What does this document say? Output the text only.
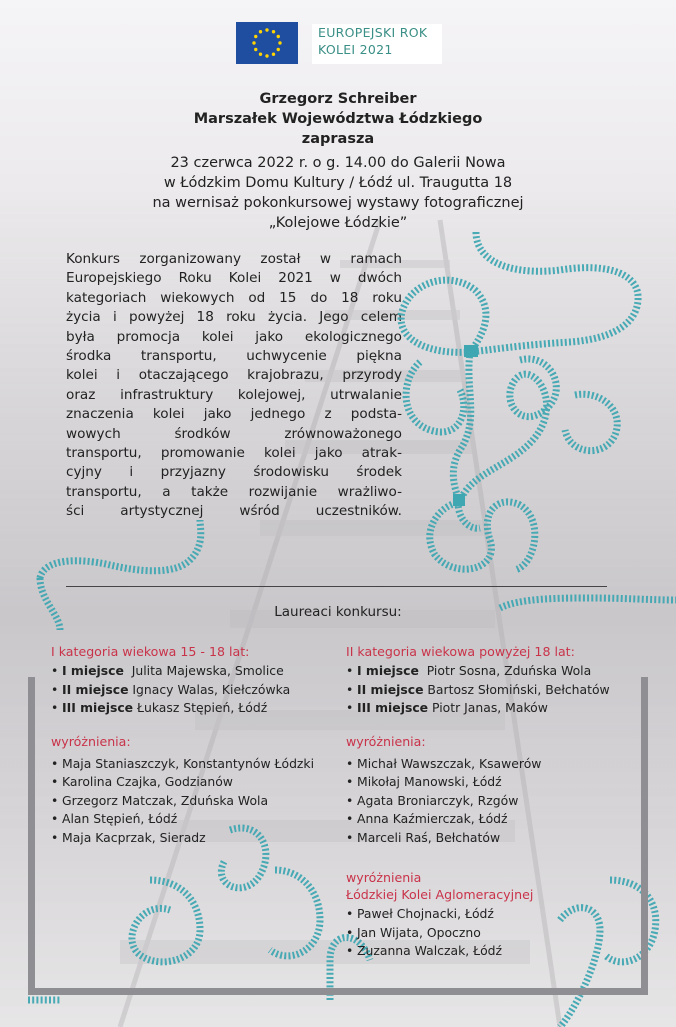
EUROPEJSKI ROK
KOLEI 2021
Grzegorz Schreiber
Marszałek Województwa Łódzkiego
zaprasza
23 czerwca 2022 r. o g. 14.00 do Galerii Nowa
w Łódzkim Domu Kultury / Łódź ul. Traugutta 18
na wernisaż pokonkursowej wystawy fotograficznej
„Kolejowe Łódzkie”
Konkurs zorganizowany został w ramach
Europejskiego Roku Kolei 2021 w dwóch
kategoriach wiekowych od 15 do 18 roku
życia i powyżej 18 roku życia. Jego celem
była promocja kolei jako ekologicznego
środka transportu, uchwycenie piękna
kolei i otaczającego krajobrazu, przyrody
oraz infrastruktury kolejowej, utrwalanie
znaczenia kolei jako jednego z podsta-
wowych środków zrównoważonego
transportu, promowanie kolei jako atrak-
cyjny i przyjazny środowisku środek
transportu, a także rozwijanie wrażliwo-
ści artystycznej wśród uczestników.
Laureaci konkursu:
I kategoria wiekowa 15 - 18 lat:
• I miejsce  Julita Majewska, Smolice
• II miejsce Ignacy Walas, Kiełczówka
• III miejsce Łukasz Stępień, Łódź
wyróżnienia:
• Maja Staniaszczyk, Konstantynów Łódzki
• Karolina Czajka, Godzianów
• Grzegorz Matczak, Zduńska Wola
• Alan Stępień, Łódź
• Maja Kacprzak, Sieradz
II kategoria wiekowa powyżej 18 lat:
• I miejsce  Piotr Sosna, Zduńska Wola
• II miejsce Bartosz Słomiński, Bełchatów
• III miejsce Piotr Janas, Maków
wyróżnienia:
• Michał Wawszczak, Ksawerów
• Mikołaj Manowski, Łódź
• Agata Broniarczyk, Rzgów
• Anna Kaźmierczak, Łódź
• Marceli Raś, Bełchatów
wyróżnienia
Łódzkiej Kolei Aglomeracyjnej
• Paweł Chojnacki, Łódź
• Jan Wijata, Opoczno
• Zuzanna Walczak, Łódź
